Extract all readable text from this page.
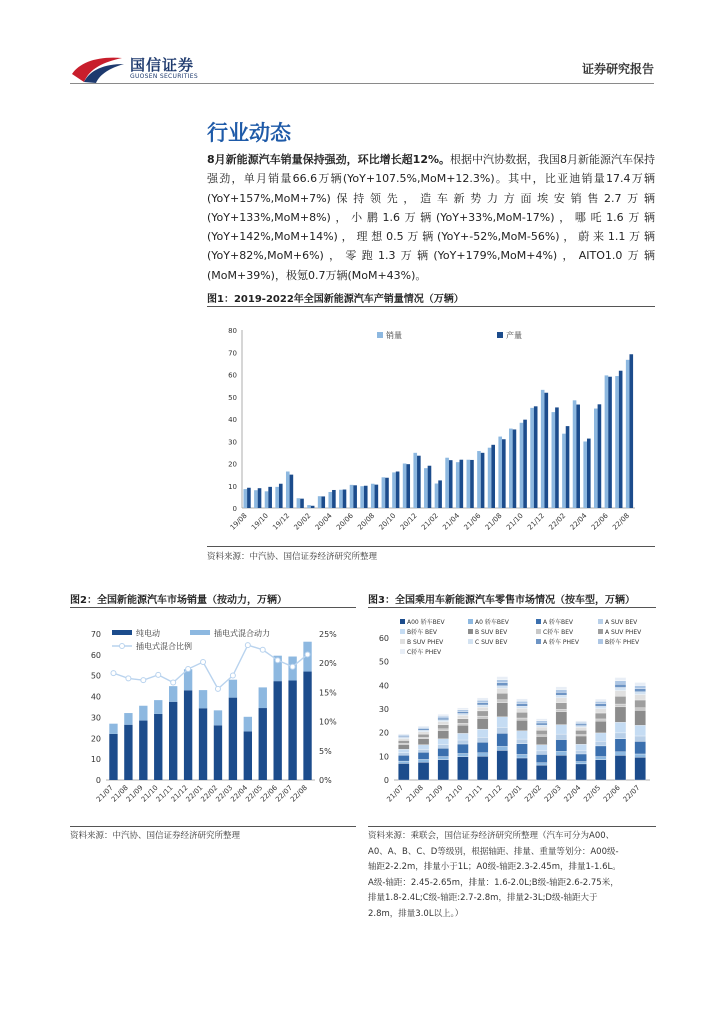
国信证券
GUOSEN SECURITIES
证券研究报告
行业动态
8月新能源汽车销量保持强劲，环比增长超12%。根据中汽协数据，我国8月新能源汽车保持强劲，单月销量66.6万辆(YoY+107.5%,MoM+12.3%)。其中，比亚迪销量17.4万辆(YoY+157%,MoM+7%)保持领先，造车新势力方面埃安销售2.7万辆(YoY+133%,MoM+8%)，小鹏1.6万辆(YoY+33%,MoM-17%)，哪吒1.6万辆(YoY+142%,MoM+14%)，理想0.5万辆(YoY+-52%,MoM-56%)，蔚来1.1万辆(YoY+82%,MoM+6%)，零跑1.3万辆(YoY+179%,MoM+4%)，AITO1.0万辆(MoM+39%)，极氪0.7万辆(MoM+43%)。
图1：2019-2022年全国新能源汽车产销量情况（万辆）
0
10
20
30
40
50
60
70
80
19/08 19/10 19/12 20/02 20/04 20/06 20/08 20/10 20/12 21/02 21/04 21/06 21/08 21/10 21/12 22/02 22/04 22/06 22/08
销量	产量
资料来源：中汽协、国信证券经济研究所整理
图2：全国新能源汽车市场销量（按动力，万辆）
0
10
20
30
40
50
60
70
0%
5%
10%
15%
20%
25%
21/07
21/08
21/09
21/10
21/11
21/12
22/01
22/02
22/03
22/04
22/05
22/06
22/07
22/08
纯电动	插电式混合动力
插电式混合比例
资料来源：中汽协、国信证券经济研究所整理
图3：全国乘用车新能源汽车零售市场情况（按车型，万辆）
0
10
20
30
40
50
60
21/07 21/08 21/09 21/10 21/11 21/12 22/01 22/02 22/03 22/04 22/05 22/06 22/07
A00 轿车BEV	A0 轿车BEV	A 轿车BEV	A SUV BEV
B轿车 BEV	B SUV BEV	C轿车 BEV	A SUV PHEV
B SUV PHEV	C SUV BEV	A 轿车 PHEV	B轿车 PHEV
C轿车 PHEV
资料来源：乘联会，国信证券经济研究所整理（汽车可分为A00、
A0、A、B、C、D等级别，根据轴距、排量、重量等划分：A00级-
轴距2-2.2m，排量小于1L；A0级-轴距2.3-2.45m，排量1-1.6L。
A级-轴距：2.45-2.65m，排量：1.6-2.0L;B级-轴距2.6-2.75米，
排量1.8-2.4L;C级-轴距:2.7-2.8m，排量2-3L;D级-轴距大于
2.8m，排量3.0L以上。）
